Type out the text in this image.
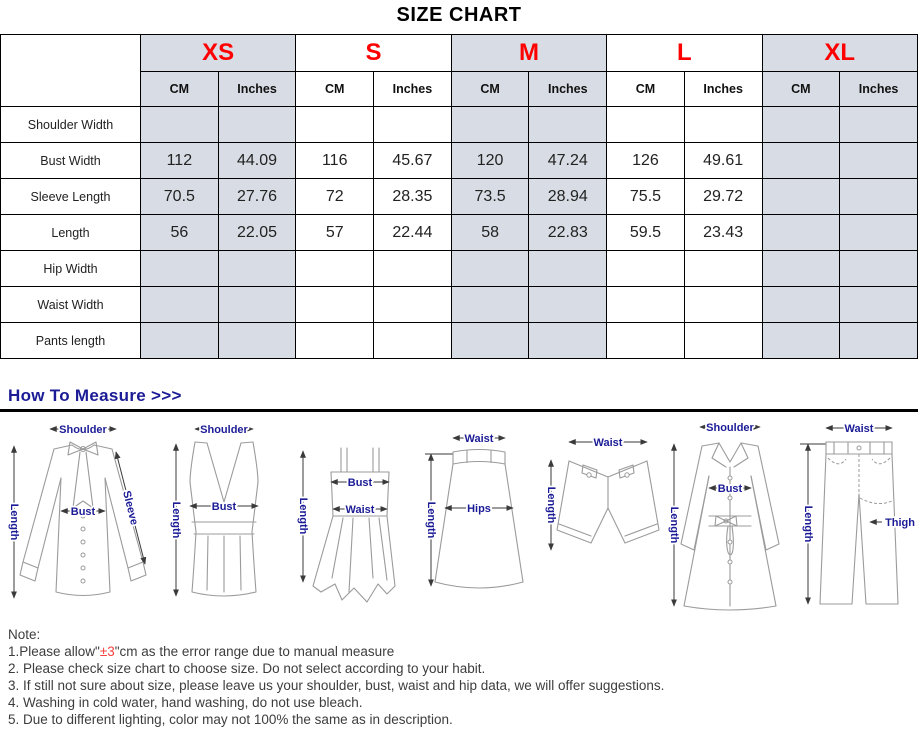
SIZE CHART
	XS		S		M		L		XL	
	CM	Inches	CM	Inches	CM	Inches	CM	Inches	CM	Inches
Shoulder Width										
Bust Width	112	44.09	116	45.67	120	47.24	126	49.61		
Sleeve Length	70.5	27.76	72	28.35	73.5	28.94	75.5	29.72		
Length	56	22.05	57	22.44	58	22.83	59.5	23.43		
Hip Width										
Waist Width										
Pants length										
How To Measure >>>
Shoulder
Length	Bust Sleeve
Shoulder
Length	Bust	Length
Bust
Waist
Waist
Length	Hips
Waist
Length
Shoulder
Length
Bust
Waist
Length	Thigh
Note:
1.Please allow"±3"cm as the error range due to manual measure
2. Please check size chart to choose size. Do not select according to your habit.
3. If still not sure about size, please leave us your shoulder, bust, waist and hip data, we will offer suggestions.
4. Washing in cold water, hand washing, do not use bleach.
5. Due to different lighting, color may not 100% the same as in description.
